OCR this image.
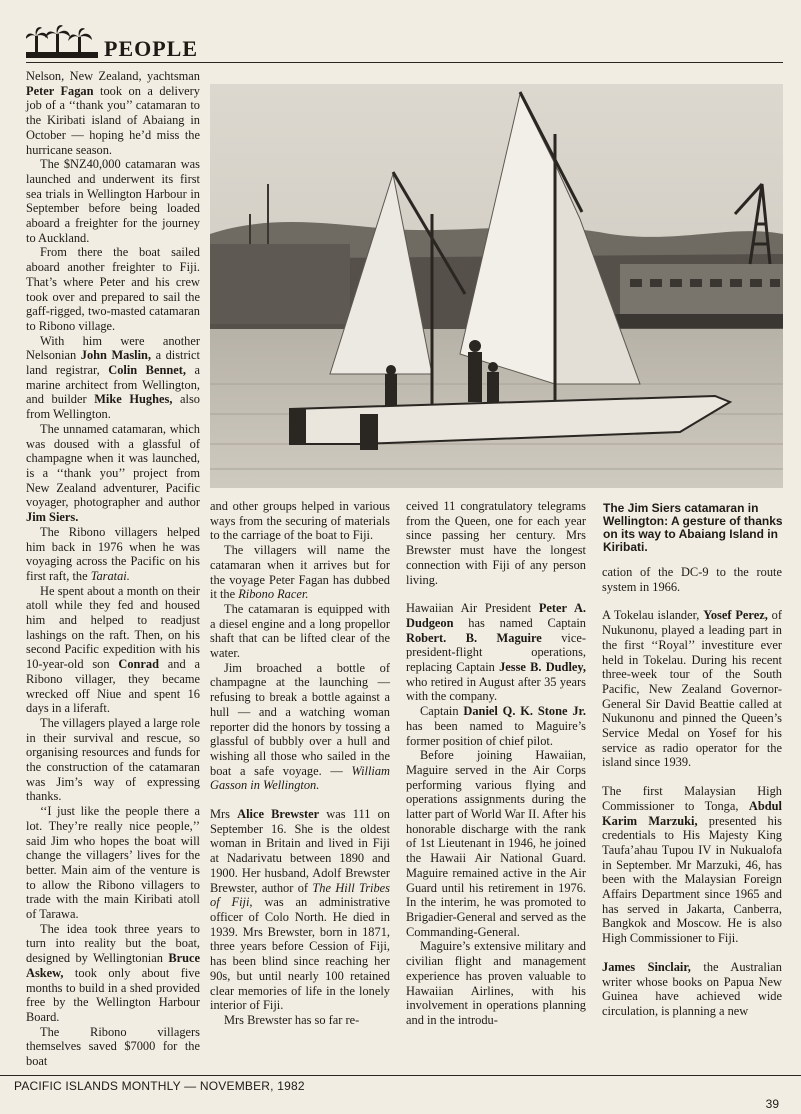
PEOPLE

Nelson, New Zealand, yachtsman Peter Fagan took on a delivery job of a ‘‘thank you’’ catamaran to the Kiribati island of Abaiang in October — hoping he’d miss the hurricane season.

The $NZ40,000 catamaran was launched and underwent its first sea trials in Wellington Harbour in September before being loaded aboard a freighter for the journey to Auckland.

From there the boat sailed aboard another freighter to Fiji. That’s where Peter and his crew took over and prepared to sail the gaff-rigged, two-masted catamaran to Ribono village.

With him were another Nelsonian John Maslin, a district land registrar, Colin Bennet, a marine architect from Wellington, and builder Mike Hughes, also from Wellington.

The unnamed catamaran, which was doused with a glassful of champagne when it was launched, is a ‘‘thank you’’ project from New Zealand adventurer, Pacific voyager, photographer and author Jim Siers.

The Ribono villagers helped him back in 1976 when he was voyaging across the Pacific on his first raft, the Taratai.

He spent about a month on their atoll while they fed and housed him and helped to readjust lashings on the raft. Then, on his second Pacific expedition with his 10-year-old son Conrad and a Ribono villager, they became wrecked off Niue and spent 16 days in a liferaft.

The villagers played a large role in their survival and rescue, so organising resources and funds for the construction of the catamaran was Jim’s way of expressing thanks.

‘‘I just like the people there a lot. They’re really nice people,’’ said Jim who hopes the boat will change the villagers’ lives for the better. Main aim of the venture is to allow the Ribono villagers to trade with the main Kiribati atoll of Tarawa.

The idea took three years to turn into reality but the boat, designed by Wellingtonian Bruce Askew, took only about five months to build in a shed provided free by the Wellington Harbour Board.

The Ribono villagers themselves saved $7000 for the boat

The Jim Siers catamaran in Wellington: A gesture of thanks on its way to Abaiang Island in Kiribati.

and other groups helped in various ways from the securing of materials to the carriage of the boat to Fiji.

The villagers will name the catamaran when it arrives but for the voyage Peter Fagan has dubbed it the Ribono Racer.

The catamaran is equipped with a diesel engine and a long propellor shaft that can be lifted clear of the water.

Jim broached a bottle of champagne at the launching — refusing to break a bottle against a hull — and a watching woman reporter did the honors by tossing a glassful of bubbly over a hull and wishing all those who sailed in the boat a safe voyage. — William Gasson in Wellington.

Mrs Alice Brewster was 111 on September 16. She is the oldest woman in Britain and lived in Fiji at Nadarivatu between 1890 and 1900. Her husband, Adolf Brewster Brewster, author of The Hill Tribes of Fiji, was an administrative officer of Colo North. He died in 1939. Mrs Brewster, born in 1871, three years before Cession of Fiji, has been blind since reaching her 90s, but until nearly 100 retained clear memories of life in the lonely interior of Fiji.

Mrs Brewster has so far re-

ceived 11 congratulatory telegrams from the Queen, one for each year since passing her century. Mrs Brewster must have the longest connection with Fiji of any person living.

Hawaiian Air President Peter A. Dudgeon has named Captain Robert. B. Maguire vice-president-flight operations, replacing Captain Jesse B. Dudley, who retired in August after 35 years with the company.

Captain Daniel Q. K. Stone Jr. has been named to Maguire’s former position of chief pilot.

Before joining Hawaiian, Maguire served in the Air Corps performing various flying and operations assignments during the latter part of World War II. After his honorable discharge with the rank of 1st Lieutenant in 1946, he joined the Hawaii Air National Guard. Maguire remained active in the Air Guard until his retirement in 1976. In the interim, he was promoted to Brigadier-General and served as the Commanding-General.

Maguire’s extensive military and civilian flight and management experience has proven valuable to Hawaiian Airlines, with his involvement in operations planning and in the introdu-

cation of the DC-9 to the route system in 1966.

A Tokelau islander, Yosef Perez, of Nukunonu, played a leading part in the first ‘‘Royal’’ investiture ever held in Tokelau. During his recent three-week tour of the South Pacific, New Zealand Governor-General Sir David Beattie called at Nukunonu and pinned the Queen’s Service Medal on Yosef for his service as radio operator for the island since 1939.

The first Malaysian High Commissioner to Tonga, Abdul Karim Marzuki, presented his credentials to His Majesty King Taufa’ahau Tupou IV in Nukualofa in September. Mr Marzuki, 46, has been with the Malaysian Foreign Affairs Department since 1965 and has served in Jakarta, Canberra, Bangkok and Moscow. He is also High Commissioner to Fiji.

James Sinclair, the Australian writer whose books on Papua New Guinea have achieved wide circulation, is planning a new

PACIFIC ISLANDS MONTHLY — NOVEMBER, 1982
39
